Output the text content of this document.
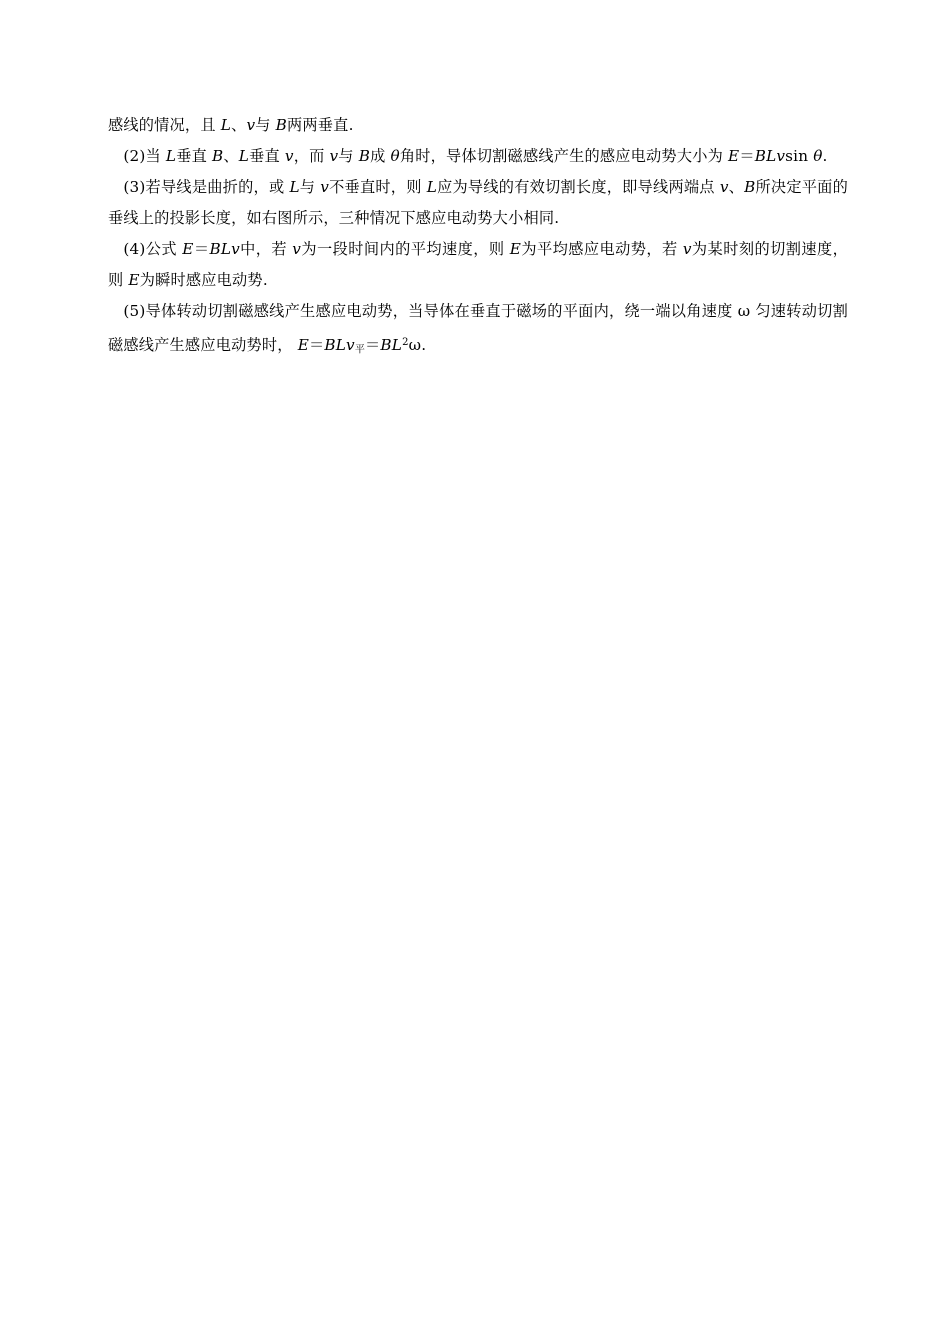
感线的情况，且 L、v与 B两两垂直.

 (2)当 L垂直 B、L垂直 v，而 v与 B成 θ角时，导体切割磁感线产生的感应电动势大小为 E＝BLvsin θ.

 (3)若导线是曲折的，或 L与 v不垂直时，则 L应为导线的有效切割长度，即导线两端点 v、B所决定平面的垂线上的投影长度，如右图所示，三种情况下感应电动势大小相同.

 (4)公式 E＝BLv中，若 v为一段时间内的平均速度，则 E为平均感应电动势，若 v为某时刻的切割速度，则 E为瞬时感应电动势.

 (5)导体转动切割磁感线产生感应电动势，当导体在垂直于磁场的平面内，绕一端以角速度 ω 匀速转动切割磁感线产生感应电动势时， $E=BLv_平=BL^2\omega$.
